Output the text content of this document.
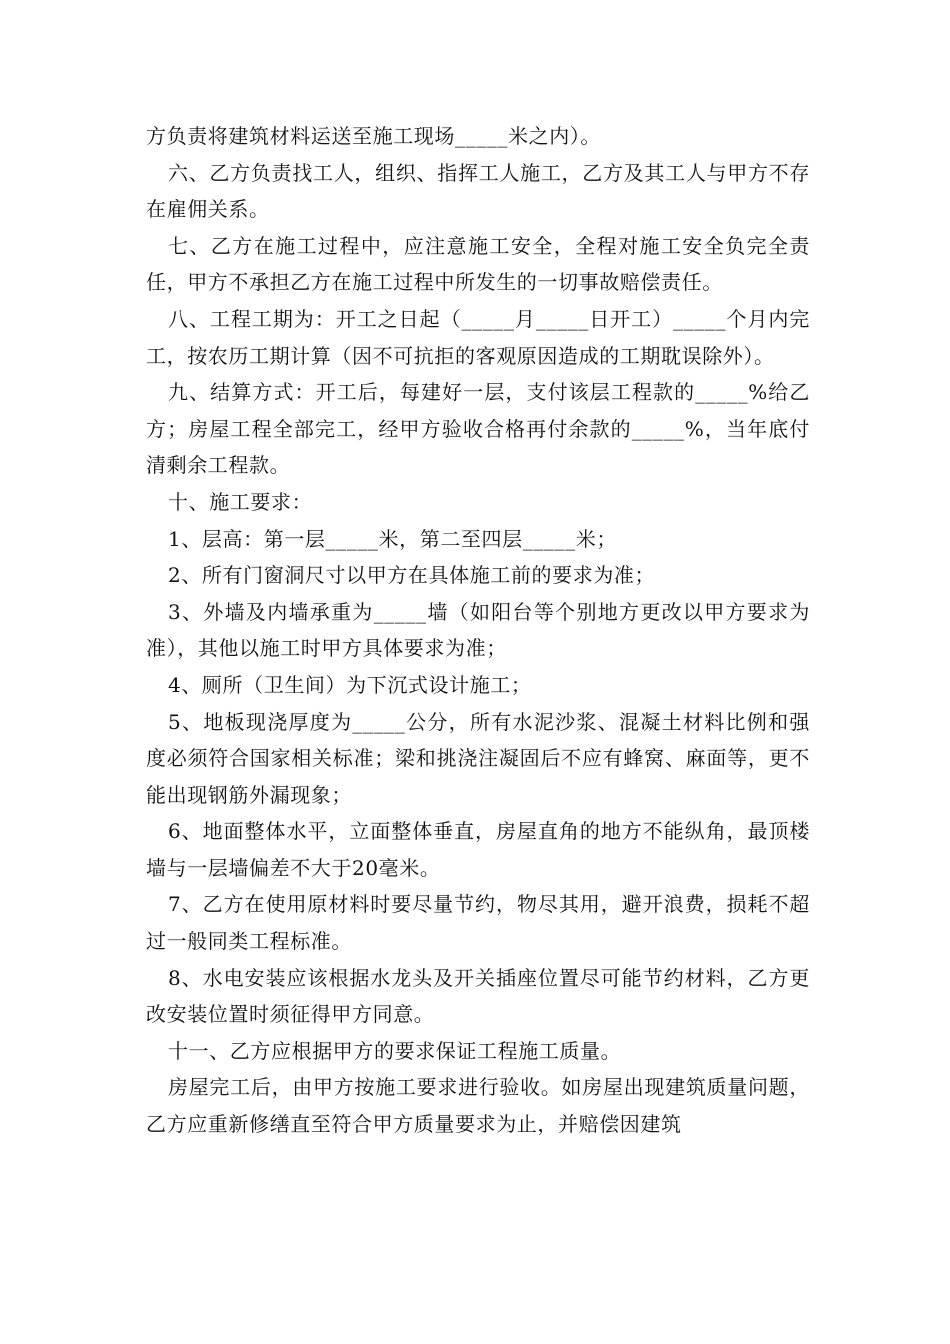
方负责将建筑材料运送至施工现场_____米之内）。

六、乙方负责找工人，组织、指挥工人施工，乙方及其工人与甲方不存在雇佣关系。

七、乙方在施工过程中，应注意施工安全，全程对施工安全负完全责任，甲方不承担乙方在施工过程中所发生的一切事故赔偿责任。

八、工程工期为：开工之日起（_____月_____日开工）_____个月内完工，按农历工期计算（因不可抗拒的客观原因造成的工期耽误除外）。

九、结算方式：开工后，每建好一层，支付该层工程款的_____%给乙方；房屋工程全部完工，经甲方验收合格再付余款的_____%，当年底付清剩余工程款。

十、施工要求：

1、层高：第一层_____米，第二至四层_____米；

2、所有门窗洞尺寸以甲方在具体施工前的要求为准；

3、外墙及内墙承重为_____墙（如阳台等个别地方更改以甲方要求为准），其他以施工时甲方具体要求为准；

4、厕所（卫生间）为下沉式设计施工；

5、地板现浇厚度为_____公分，所有水泥沙浆、混凝土材料比例和强度必须符合国家相关标准；梁和挑浇注凝固后不应有蜂窝、麻面等，更不能出现钢筋外漏现象；

6、地面整体水平，立面整体垂直，房屋直角的地方不能纵角，最顶楼墙与一层墙偏差不大于20毫米。

7、乙方在使用原材料时要尽量节约，物尽其用，避开浪费，损耗不超过一般同类工程标准。

8、水电安装应该根据水龙头及开关插座位置尽可能节约材料，乙方更改安装位置时须征得甲方同意。

十一、乙方应根据甲方的要求保证工程施工质量。

房屋完工后，由甲方按施工要求进行验收。如房屋出现建筑质量问题，乙方应重新修缮直至符合甲方质量要求为止，并赔偿因建筑
